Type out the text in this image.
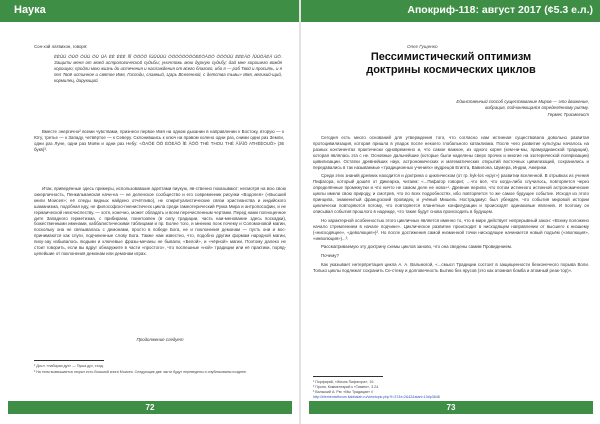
Наука
Сон-хэй латвихон, говоря:
ĖĖŪŪ ŌŪŌ ŌŪŪ ŌŪ ŪĀ ĖĖ ĖĖĖ ĪĪĪ ŌŌŌŌ ĪŪŪŪŪŪ ŌŌŌŌŌŌŌŌĖĖŌĀŌŌ ŌŌŌŪŪ ĖĖĖĀŌ ĪŪŪŌĀĖĀ ŪŌ. Защити меня от моей астрологической судьбы; уничтожь мою дурную судьбу; дай мне хорошего вождя хорошую; продли мою жизнь до истечения и наслаждения от всего благого, ибо я — раб Твой и просить, и я пел Твоё истинное и святое Имя, Господи, славный, Царь Вселенной, с детства тьмы» Имя, великий-щий, кормилец, дарующий.

Вместе энергично² всеми чувствами, признеси первое Имя на одном дыхании в направлении к Востоку, вторую — к Югу, третье — к Западу, четвёртое — к Северу. Склонившись к ключ на правом колено одни раз, сними одни раз Земли, одни раз Луне, одни раз Моём и одни раз Небу: «ŌAŌĖ ŌŌ ĖŌĖĀŌ ĪĖ ĀŌŌ THĖ THOU THĖ ĀĪĀĪŌ ATHĖĖOUŌ» (36 букв)³.

Итак, приведённые здесь примеры, использовавшие адептами пиукую, яв-ственно показывают: несмотря на всю свою оккерличность, Пенкильванская начи-на — не деленское сообщество и его современник рисунки «Водолея» («Высшей книги Моисея»; её следы видных найдено отчётливо), не спиритуалистические связи христианства и индийского шаманизма, подобная иду, не философско-пненистическ цикла среди гамеотерический Рукка Мира и антропософии, и не гермаической неисчислеству. — хотя, конечно, может обладать и всем перечисленным чертами. Перед нами полноценное дите Западного герметизма, с прибираем, поинтоапен (в силу традиции, часть наи-менование здесь поскадки), божественными именами, каббалистическими таблицами и пр. Более того, и мнению поэк почему и Соломоновой магии, поскольку она не связывалась с демонами, просто в победе Бога, не и поклонения демонам — пусть они и вос-принимаются как слуги, подчиненные слову Бога. Также нам известно, что, подобно другим формам народной магии, пиху-зау избывалось людьми и ключевые фразы-мечаны не бывали, «Белой», и «чёрной» магии. Поэтому далеко не стоит говорить, если вы вдруг обнаружите в части «простого», что поспешные «ной» традиции или её практики, поряд-цепейшие от поклонения демонам или демонам играх.

Продолжение следует
² Досл. «набирая дух» — Пуша дух, хъэд.
³ На этом возвышается открыт есть Восьмой книги Моисея. Следующие две части будут переведены и опубликованы позднее.
72
Апокриф-118: август 2017 (¢5.3 е.л.)
Олег Гущенко
Пессимистический оптимизм
доктрины космических циклов
Единственный способ существование Миров — это движение, вибрация, подчиняющаяся определённому ритму.
Гермес Трисмегист

Сегодня есть много оснований для утверждения того, что согласно нам истинная существовала довольно развитая протоцивилизация, которая пришла в упадок после некоего глобального катаклизма. После чего развитие культуры началось на разных континентах практически одновременно и, что самое важное, из одного корня (кем-ни-мы, прамуадианской традиции), которая являлась эта с не. Основные дальнейшие (которые были наделены сверх прочих и многие на эзотерической поляризации) цивилизации. Остатки древнейших наук, астрономических и математических открытий восточных цивилизаций, сохранились и передавались в так называемые «традиционных учениях» мудрецов Египта, Вавилона, Шумера, Индии, Америки.

Среди этих знаний древних находится и доктрина о циклическом (от гр. kyk-los «круг») развитии вселенной. В отрывках из учения Пифагора, который дошёл от Дикеарха, читаем: «...Пифагор говорит, ...что всё, что когда-либо случилось, повторяется через определённые промежутки и что ничто не самом деле не ново»¹. Древние верили, что потом истинного истинной астрономические циклы имели свою природу, и смотрев, что по всех подробностях, ибо повторяется то же самое будущее событие. Исходя из этого принципа, знаменитый французский провидец и учёный Мишель Нострадамус был убеждён, что события мировой истории циклически повторяются потому, что повторяется планетные конфигурации и происходят одинаковые явления. И поэтому он описывал события прошлого в надежде, что такие будут снова происходить в будущем.

Но характерной особенностью этого цикличных является именно то, что в мире действует непрерывный закон: «Всему положено начало стремлением в начале подчине». Циклическое развитие происходит в нисходящем направлении от высшего к низшему («нисходящее», «деволюция»)². Но после достижения самой низменной точки нисходящее начинается новый подъём («эволюция», «инволюция»)...³.

Рассматриваемую эту доктрину схемы циклов заново, что она сведены самим Провидением.

Почему?

Как указывает интерпретация цикла А. А. Вальмогой, «...смысл Традиции состоит в защищенности безконечного порыва Воли. Только циклы подлежат сохранить Се-стему и долговечность Бытию без ярусов (это как атомная бомба и атомный реак-тор)».

¹ Порфирий, «Жизнь Пифагора», 19.
² Проня, Комментарий к «Тимею», 3.24.
³ Вальский А. Рю: «Мы Традиции» //
http://elementalforum.kabbalah.ru/viewtopic.php?f=37&t=2&42&start=10#p3648
73
